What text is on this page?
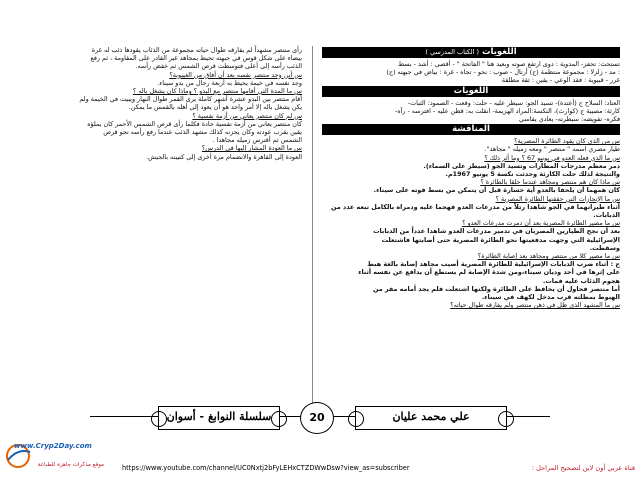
اللغويات ( الكتاب المدرسي )

تستحث: تحفز- المدوية : دوى ارتفع صوته وبعيد هنا " الفاتحة " - أقصى : أشد - بسط

: مد - زلزلا : مجموعة منتظمة (ج) أرتال - صوب : نحو - تجاه - غرة : بياض في جبهته (ج)

غرر - قبيوية : فقد الوعي - يقين : ثقة مطلقة

اللغويات

العتاد: السلاح ج (أعتدة)- تسيد الجو: سيطر عليه - حلت: وقعت - الصمود: الثبات-

كارثة: مصيبة ج (كوارث)، النكسة:المراد الهزيمة- انقلت به: قطن عليه - افترسه - رآه-

فكره- تفويضه: سيطرته- يعادي يقاسي

المناقشة

س من الذي كان يقود الطائرة المصرية؟

طيار مصري اسمه " منتصر " ومعه زميله " مجاهد".

س ما الذي فعله العدو في يونيو 67 ؟ وما أثر ذلك ؟

دمر معظم مدرجات المطارات وتسيد الجو (سيطر على السماء).
والنتيجة لذلك حلت الكارثة وحدثت نكسة 5 يونيو 1967م.

س ماذا كان هم منتصر ومجاهد عندما حلقا بالطائرة ؟

كان همهما أن يلحقا بالعدو أية خسارة قبل أن يتمكن من بسط قوته على سيناء.

س ما الإنجازات التي حققتها الطائرة المصرية ؟

أثناء طيرانهما في الجو شاهدا رتلاً من مدرعات العدو فهجما عليه ودمراه بالكامل تبعه عدد من الدبابات.

س ما مصير الطائرة المصرية بعد أن دمرت مدرعات العدو ؟

بعد أن نجح الطيارين المصريان في تدمير مدرعات العدو شاهدا عدداً من الدبابات
الإسرائيلية التي وجهت مدفعيتها نحو الطائرة المصرية حتى أصابتها فاشتعلت
وسقطت.

س ما مصير كلا من منتصر ومجاهد بعد إصابة الطائرة؟

ج : أثناء ضرب الدبابات الإسرائيلية للطائرة المصرية أصيب مجاهد إصابة بالغة هبط
على إثرها في أحد وديان سيناء،ومن شدة الإصابة لم يستطع أن يدافع عن نفسه أثناء
هجوم الذئاب عليه فمات.
أما منتصر فحاول أن يحافظ على الطائرة ولكنها اشتعلت فلم يجد أمامه مفر من
الهبوط بمظلته قرب مدخل لكهف في سيناء.

س ما المشهد الذي ظل في ذهن منتصر ولم يفارقه طوال حياته؟

رأى منتصر مشهداً لم يفارقه طوال حياته مجموعة من الذئاب يقودها ذئب له غرة

بيضاء على شكل قوس في جبهته تحيط بمجاهد غير القادر على المقاومة ، ثم رفع

الذئب رأسه إلى أعلى فتوسطت قرص الشمس ثم خفض رأسه.

س أين وجد منتصر نفسه بعد أن أفاق من الغيبوبة؟

وجد نفسه في خيمة يحيط به أربعة رجال من بدو سيناء.

س ما المدة التي أقامها منتصر مع البدو ؟ وماذا كان يشغل باله ؟

أقام منتصر بين البدو عشرة أشهر كاملة يرى القمر طوال النهار ويبيت في الخيمة ولم
يكن يشغل باله إلا أمر واحد هو أن يعود إلى أهله بالقمس ما يمكن.

س لم كان منتصر يعاني من أزمة نفسية ؟

كان منتصر يعاني من أزمة نفسية حادة فكلما رأى قرص الشمس الأحمر كان يملؤه
يقين بقرب عودته وكان يحزنه كذلك مشهد الذئب عندما رفع رأسه نحو قرص
الشمس ثم أقترس زميله مجاهدا .

س ما العودة المشار إليها في الدرس؟

العودة إلى القاهرة والانضمام مرة أخرى إلى كتيبته بالجيش.

سلسلة النوابغ - أسوان	20	علي محمد عليان
www.Cryp2Day.com
موقع مذكرات جاهزة للطباعة	https://www.youtube.com/channel/UC0Nxtj2bFyLEHxCTZDWwDsw?view_as=subscriber	قناة عربي أون لاين لتصحيح المراحل :
